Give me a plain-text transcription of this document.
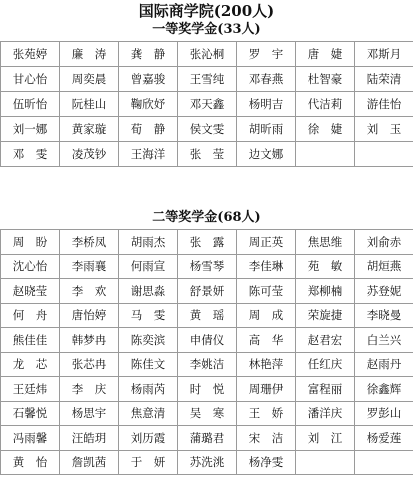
国际商学院(200人)
一等奖学金(33人)
张苑婷	廉　涛	龚　静	张沁桐	罗　宇	唐　婕	邓斯月
甘心怡	周奕晨	曾嘉骏	王雪纯	邓春燕	杜智豪	陆荣清
伍昕怡	阮桂山	鞠欣妤	邓天鑫	杨明吉	代洁莉	游佳怡
刘一娜	黄家璇	荀　静	侯文雯	胡昕雨	徐　婕	刘　玉
邓　雯	凌茂钞	王海洋	张　莹	边文娜		
二等奖学金(68人)
周　盼	李桥凤	胡雨杰	张　露	周正英	焦思维	刘俞赤
沈心怡	李雨襄	何雨宣	杨雪琴	李佳琳	苑　敏	胡烜燕
赵晓莹	李　欢	谢思淼	舒景妍	陈可莹	郑柳楠	苏登妮
何　舟	唐怡婷	马　雯	黄　瑶	周　成	荣旋捷	李晓曼
熊佳佳	韩梦冉	陈奕滨	申倩仪	高　华	赵君宏	白兰兴
龙　芯	张芯冉	陈佳文	李姚洁	林艳萍	任红庆	赵雨丹
王廷炜	李　庆	杨雨芮	时　悦	周珊伊	富程丽	徐鑫辉
石馨悦	杨思宇	焦意清	吴　寒	王　娇	潘洋庆	罗彭山
冯雨馨	汪皓玥	刘历霞	蒲璐君	宋　洁	刘　江	杨爱莲
黄　怡	詹凯茜	于　妍	苏洗洮	杨净雯		
